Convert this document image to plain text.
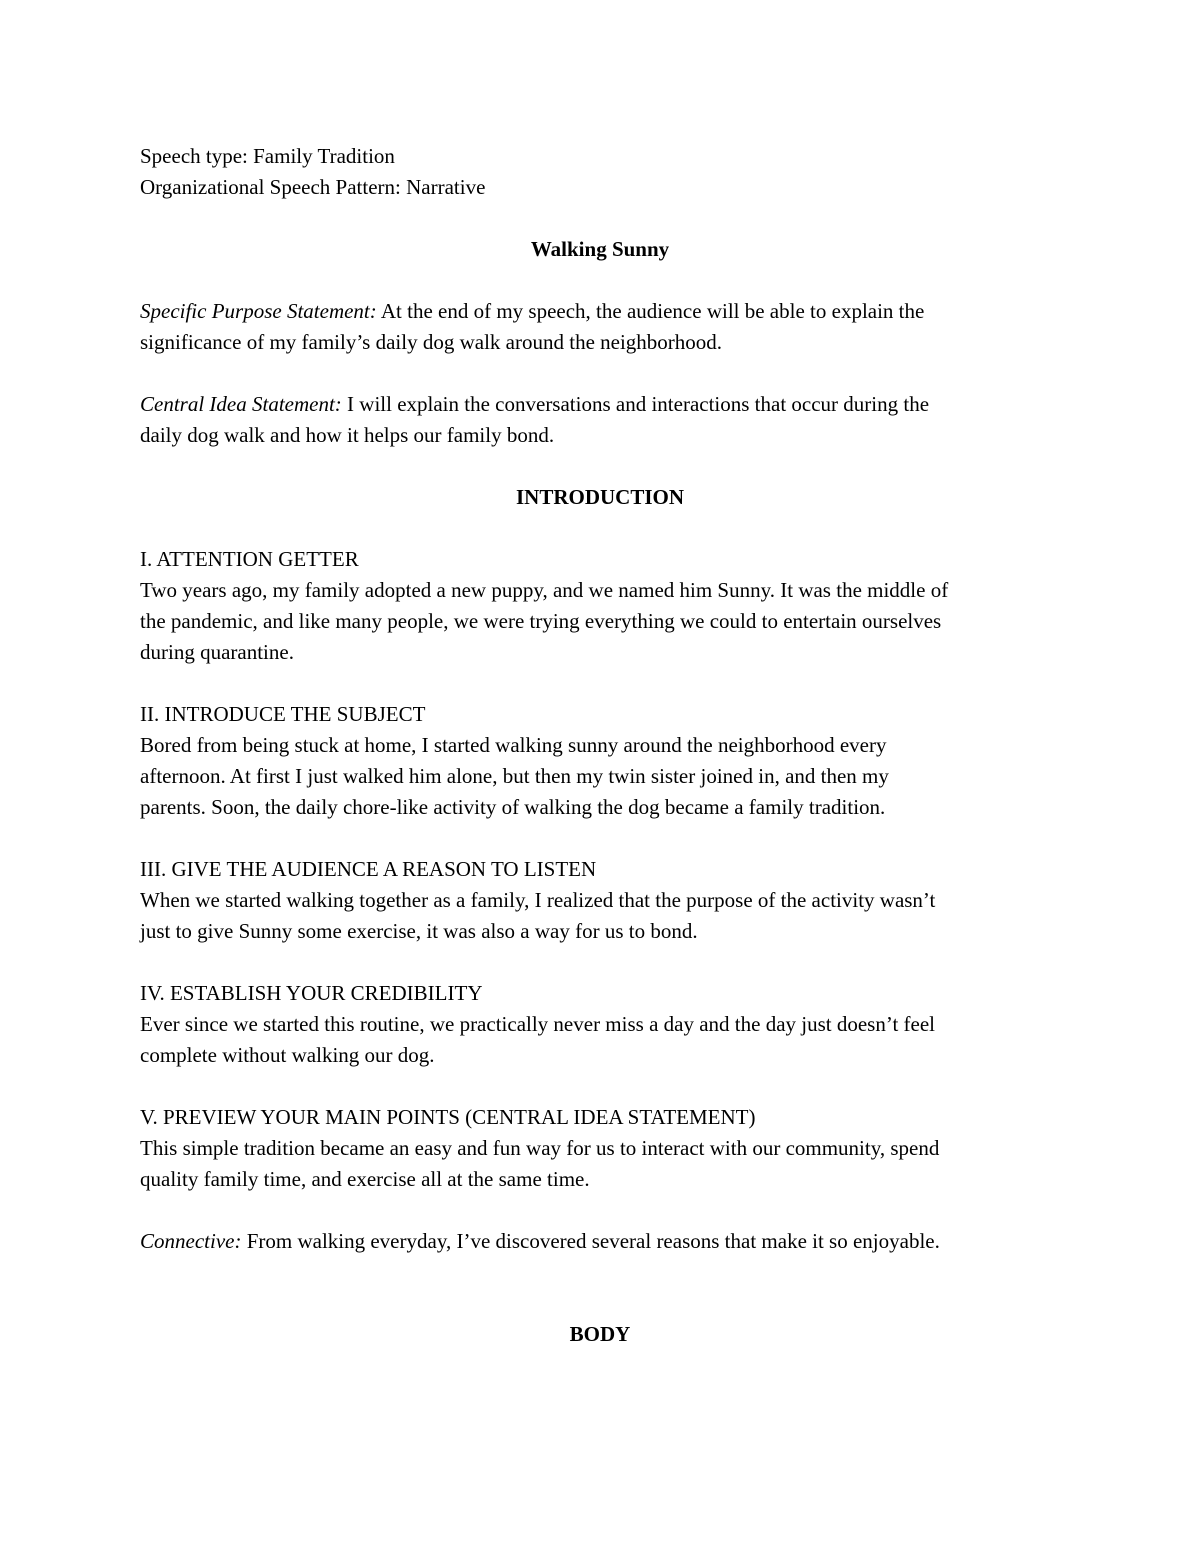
Speech type: Family Tradition
Organizational Speech Pattern: Narrative
Walking Sunny

Specific Purpose Statement: At the end of my speech, the audience will be able to explain the
significance of my family’s daily dog walk around the neighborhood.

Central Idea Statement: I will explain the conversations and interactions that occur during the
daily dog walk and how it helps our family bond.

INTRODUCTION
I. ATTENTION GETTER

Two years ago, my family adopted a new puppy, and we named him Sunny. It was the middle of
the pandemic, and like many people, we were trying everything we could to entertain ourselves
during quarantine.

II. INTRODUCE THE SUBJECT

Bored from being stuck at home, I started walking sunny around the neighborhood every
afternoon. At first I just walked him alone, but then my twin sister joined in, and then my
parents. Soon, the daily chore-like activity of walking the dog became a family tradition.

III. GIVE THE AUDIENCE A REASON TO LISTEN

When we started walking together as a family, I realized that the purpose of the activity wasn’t
just to give Sunny some exercise, it was also a way for us to bond.

IV. ESTABLISH YOUR CREDIBILITY

Ever since we started this routine, we practically never miss a day and the day just doesn’t feel
complete without walking our dog.

V. PREVIEW YOUR MAIN POINTS (CENTRAL IDEA STATEMENT)

This simple tradition became an easy and fun way for us to interact with our community, spend
quality family time, and exercise all at the same time.

Connective: From walking everyday, I’ve discovered several reasons that make it so enjoyable.

BODY
